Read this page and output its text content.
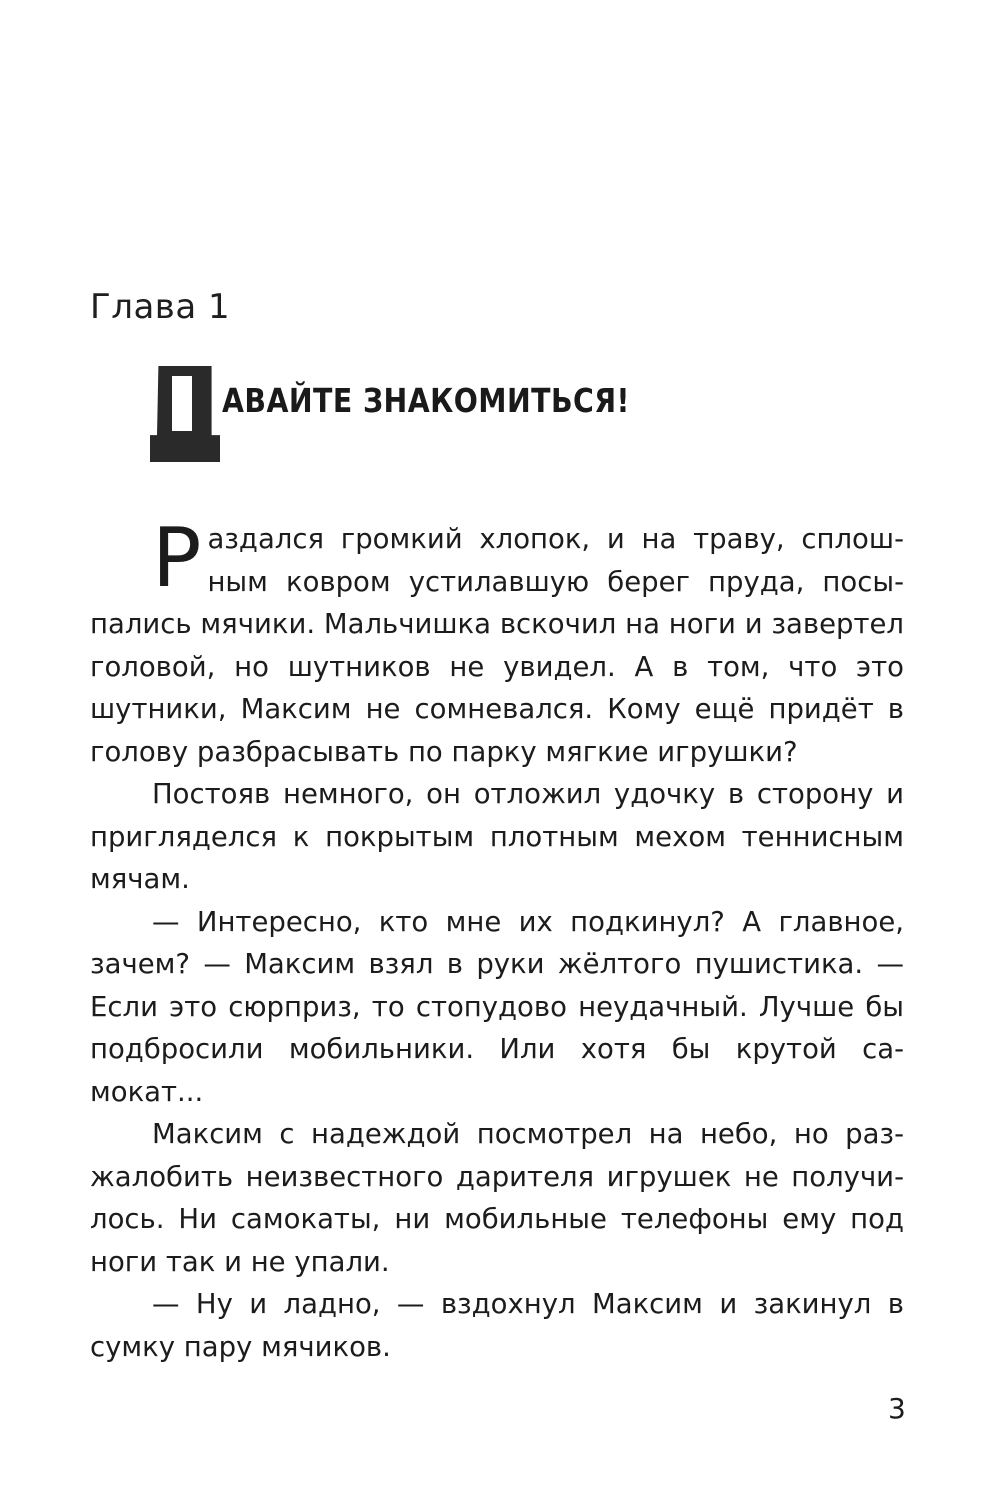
Глава 1
АВАЙТЕ ЗНАКОМИТЬСЯ!

Раздался громкий хлопок, и на траву, сплошным ковром устилавшую берег пруда, посыпались мячики. Мальчишка вскочил на ноги и завертел головой, но шутников не увидел. А в том, что это шутники, Максим не сомневался. Кому ещё придёт в голову разбрасывать по парку мягкие игрушки?

Постояв немного, он отложил удочку в сторону и пригляделся к покрытым плотным мехом теннисным мячам.

— Интересно, кто мне их подкинул? А главное, зачем? — Максим взял в руки жёлтого пушистика. — Если это сюрприз, то стопудово неудачный. Лучше бы подбросили мобильники. Или хотя бы крутой самокат...

Максим с надеждой посмотрел на небо, но разжалобить неизвестного дарителя игрушек не получилось. Ни самокаты, ни мобильные телефоны ему под ноги так и не упали.

— Ну и ладно, — вздохнул Максим и закинул в сумку пару мячиков.

3
